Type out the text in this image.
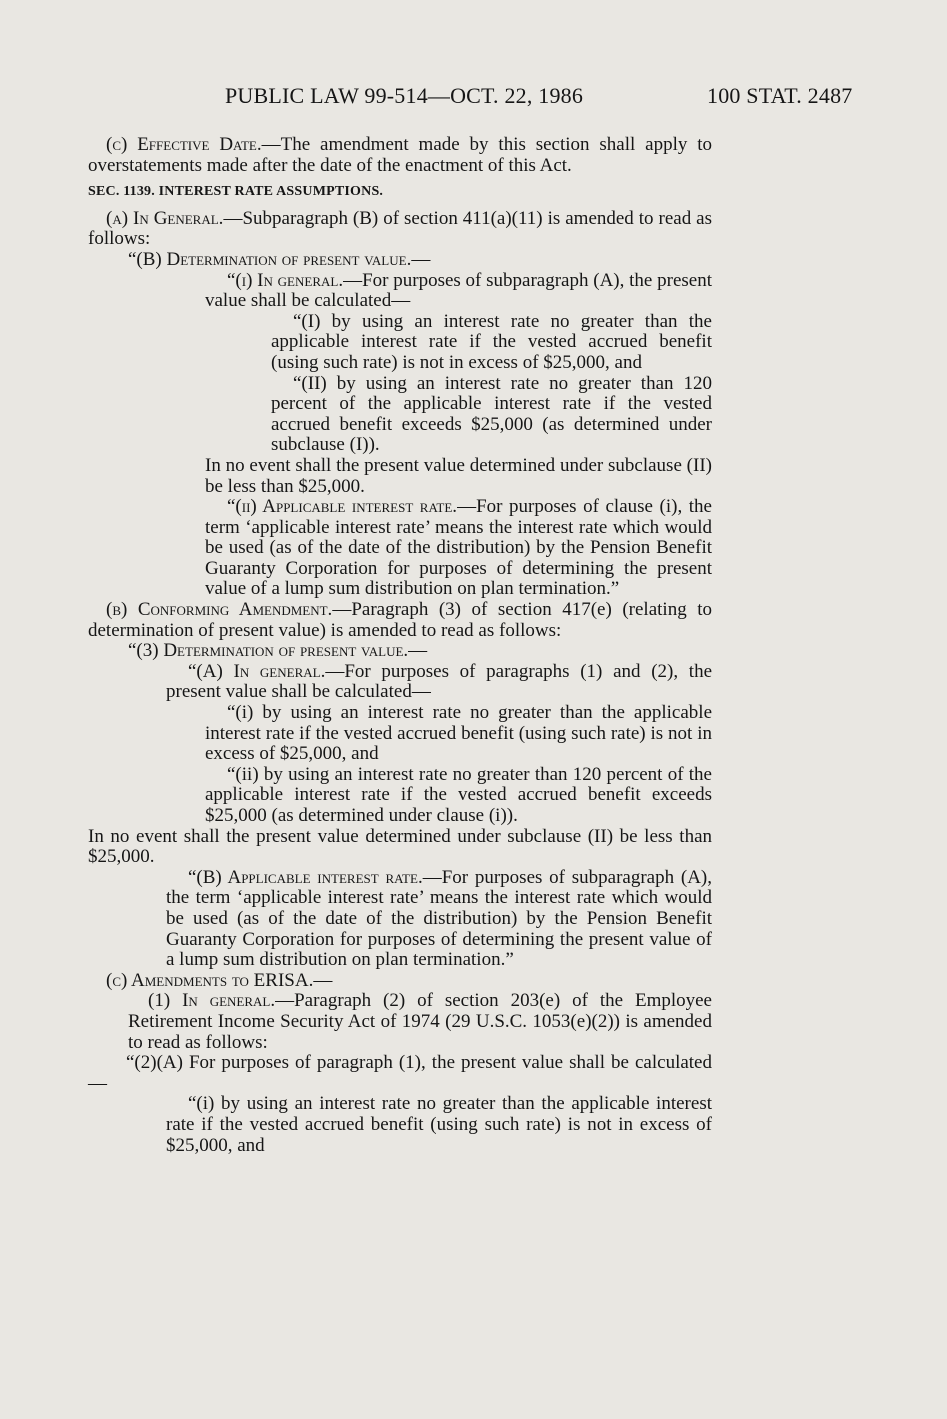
PUBLIC LAW 99-514—OCT. 22, 1986	100 STAT. 2487

(c) Effective Date.—The amendment made by this section shall apply to overstatements made after the date of the enactment of this Act.

SEC. 1139. INTEREST RATE ASSUMPTIONS.

(a) In General.—Subparagraph (B) of section 411(a)(11) is amended to read as follows:

“(B) Determination of present value.—

“(i) In general.—For purposes of subparagraph (A), the present value shall be calculated—

“(I) by using an interest rate no greater than the applicable interest rate if the vested accrued benefit (using such rate) is not in excess of $25,000, and

“(II) by using an interest rate no greater than 120 percent of the applicable interest rate if the vested accrued benefit exceeds $25,000 (as determined under subclause (I)).

In no event shall the present value determined under subclause (II) be less than $25,000.

“(ii) Applicable interest rate.—For purposes of clause (i), the term ‘applicable interest rate’ means the interest rate which would be used (as of the date of the distribution) by the Pension Benefit Guaranty Corporation for purposes of determining the present value of a lump sum distribution on plan termination.”

(b) Conforming Amendment.—Paragraph (3) of section 417(e) (relating to determination of present value) is amended to read as follows:

“(3) Determination of present value.—

“(A) In general.—For purposes of paragraphs (1) and (2), the present value shall be calculated—

“(i) by using an interest rate no greater than the applicable interest rate if the vested accrued benefit (using such rate) is not in excess of $25,000, and

“(ii) by using an interest rate no greater than 120 percent of the applicable interest rate if the vested accrued benefit exceeds $25,000 (as determined under clause (i)).

In no event shall the present value determined under subclause (II) be less than $25,000.

“(B) Applicable interest rate.—For purposes of subparagraph (A), the term ‘applicable interest rate’ means the interest rate which would be used (as of the date of the distribution) by the Pension Benefit Guaranty Corporation for purposes of determining the present value of a lump sum distribution on plan termination.”

(c) Amendments to ERISA.—

(1) In general.—Paragraph (2) of section 203(e) of the Employee Retirement Income Security Act of 1974 (29 U.S.C. 1053(e)(2)) is amended to read as follows:

“(2)(A) For purposes of paragraph (1), the present value shall be calculated—

“(i) by using an interest rate no greater than the applicable interest rate if the vested accrued benefit (using such rate) is not in excess of $25,000, and
